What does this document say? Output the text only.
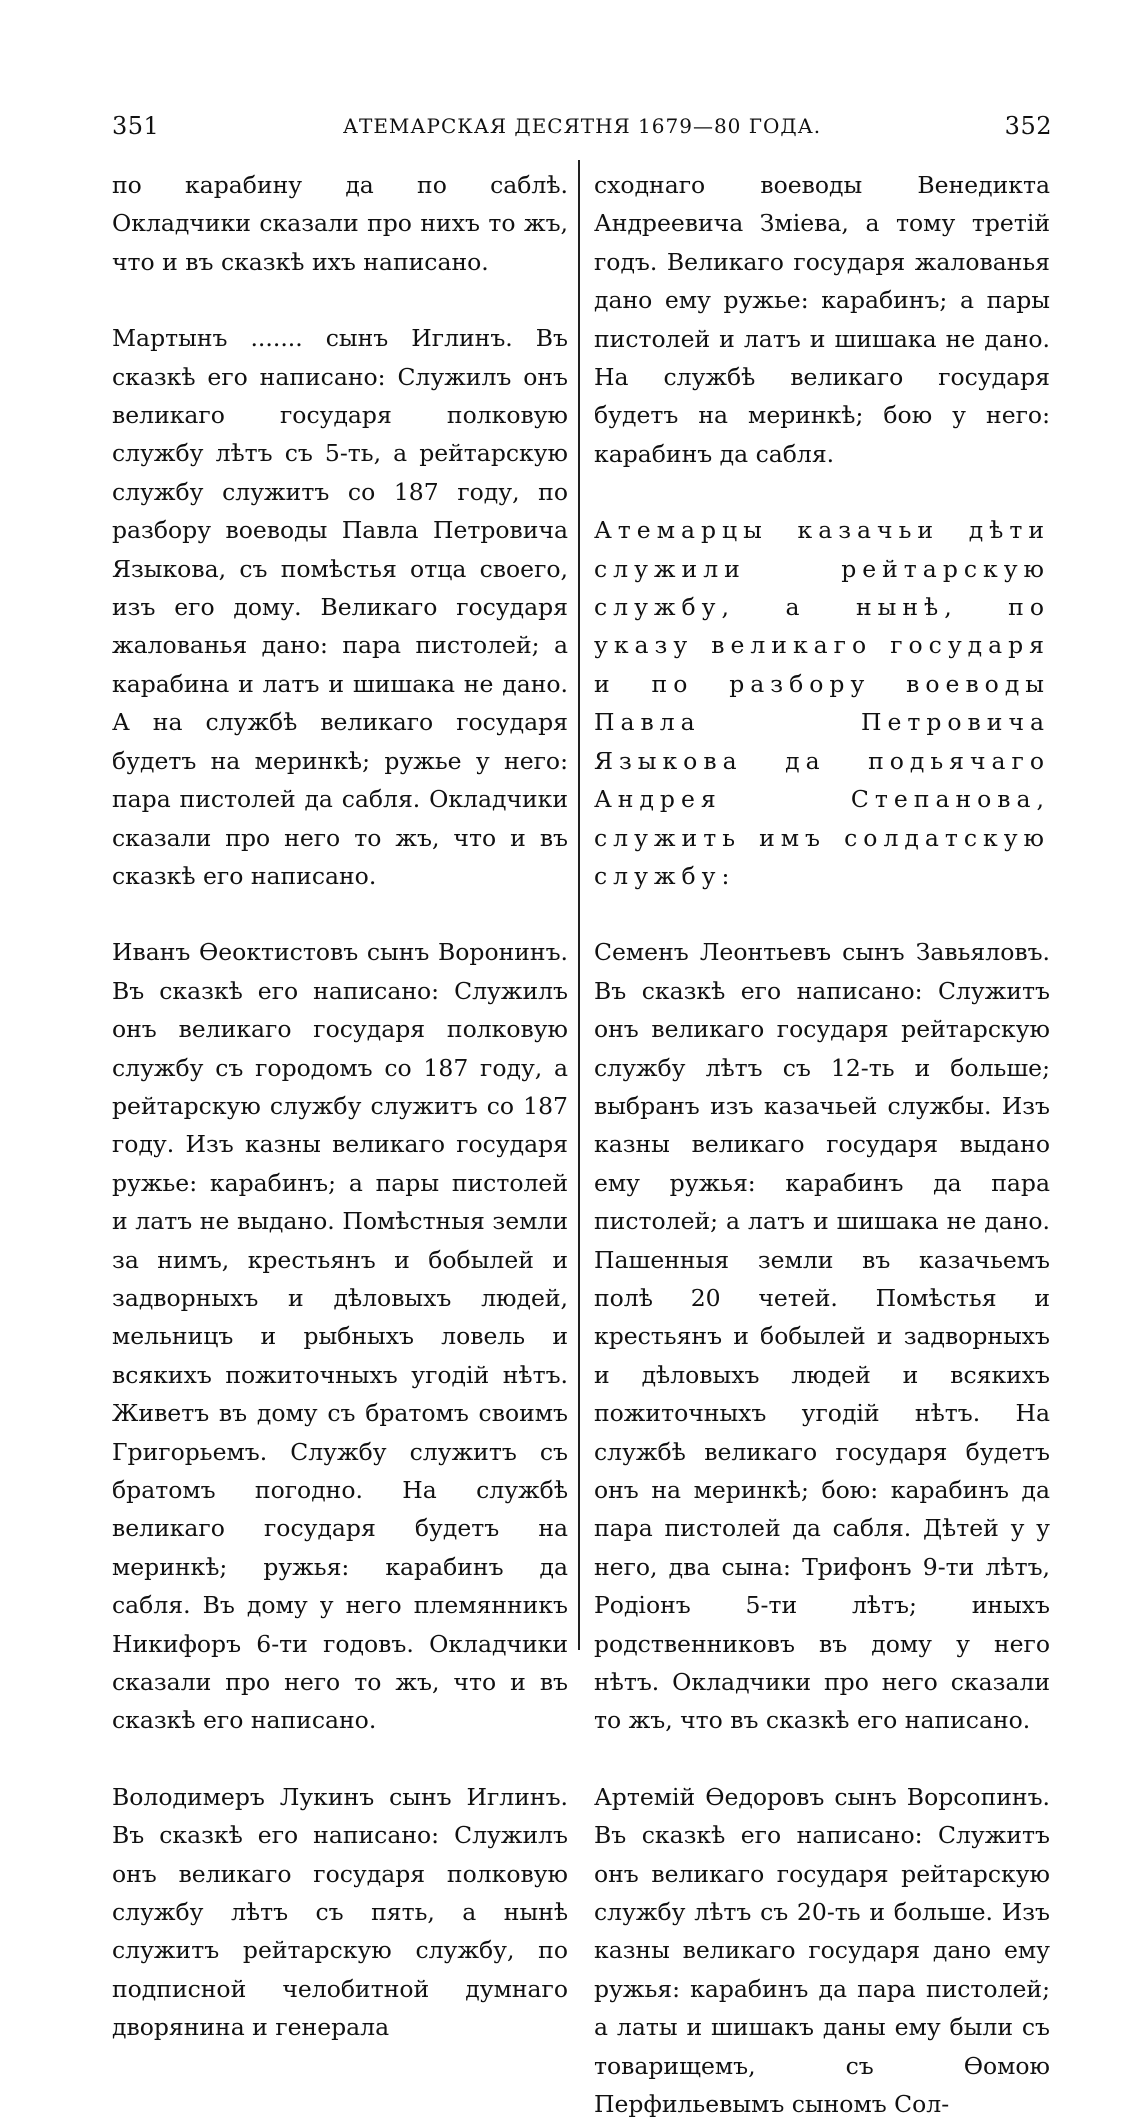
351	АТЕМАРСКАЯ ДЕСЯТНЯ 1679—80 ГОДА.	352

по карабину да по саблѣ. Окладчики сказали про нихъ то жъ, что и въ сказкѣ ихъ написано.

Мартынъ ....... сынъ Иглинъ. Въ сказкѣ его написано: Служилъ онъ великаго государя полковую службу лѣтъ съ 5-ть, а рейтарскую службу служитъ со 187 году, по разбору воеводы Павла Петровича Языкова, съ помѣстья отца своего, изъ его дому. Великаго государя жалованья дано: пара пистолей; а карабина и латъ и шишака не дано. А на службѣ великаго государя будетъ на меринкѣ; ружье у него: пара пистолей да сабля. Окладчики сказали про него то жъ, что и въ сказкѣ его написано.

Иванъ Ѳеоктистовъ сынъ Воронинъ. Въ сказкѣ его написано: Служилъ онъ великаго государя полковую службу съ городомъ со 187 году, а рейтарскую службу служитъ со 187 году. Изъ казны великаго государя ружье: карабинъ; а пары пистолей и латъ не выдано. Помѣстныя земли за нимъ, крестьянъ и бобылей и задворныхъ и дѣловыхъ людей, мельницъ и рыбныхъ ловель и всякихъ пожиточныхъ угодій нѣтъ. Живетъ въ дому съ братомъ своимъ Григорьемъ. Службу служитъ съ братомъ погодно. На службѣ великаго государя будетъ на меринкѣ; ружья: карабинъ да сабля. Въ дому у него племянникъ Никифоръ 6-ти годовъ. Окладчики сказали про него то жъ, что и въ сказкѣ его написано.

Володимеръ Лукинъ сынъ Иглинъ. Въ сказкѣ его написано: Служилъ онъ великаго государя полковую службу лѣтъ съ пять, а нынѣ служитъ рейтарскую службу, по подписной челобитной думнаго дворянина и генерала

сходнаго воеводы Венедикта Андреевича Зміева, а тому третій годъ. Великаго государя жалованья дано ему ружье: карабинъ; а пары пистолей и латъ и шишака не дано. На службѣ великаго государя будетъ на меринкѣ; бою у него: карабинъ да сабля.

Атемарцы казачьи дѣти служили рейтарскую службу, а нынѣ, по указу великаго государя и по разбору воеводы Павла Петровича Языкова да подьячаго Андрея Степанова, служить имъ солдатскую службу:

Семенъ Леонтьевъ сынъ Завьяловъ. Въ сказкѣ его написано: Служитъ онъ великаго государя рейтарскую службу лѣтъ съ 12-ть и больше; выбранъ изъ казачьей службы. Изъ казны великаго государя выдано ему ружья: карабинъ да пара пистолей; а латъ и шишака не дано. Пашенныя земли въ казачьемъ полѣ 20 четей. Помѣстья и крестьянъ и бобылей и задворныхъ и дѣловыхъ людей и всякихъ пожиточныхъ угодій нѣтъ. На службѣ великаго государя будетъ онъ на меринкѣ; бою: карабинъ да пара пистолей да сабля. Дѣтей у у него, два сына: Трифонъ 9-ти лѣтъ, Родіонъ 5-ти лѣтъ; иныхъ родственниковъ въ дому у него нѣтъ. Окладчики про него сказали то жъ, что въ сказкѣ его написано.

Артемій Ѳедоровъ сынъ Ворсопинъ. Въ сказкѣ его написано: Служитъ онъ великаго государя рейтарскую службу лѣтъ съ 20-ть и больше. Изъ казны великаго государя дано ему ружья: карабинъ да пара пистолей; а латы и шишакъ даны ему были съ товарищемъ, съ Ѳомою Перфильевымъ сыномъ Сол-
